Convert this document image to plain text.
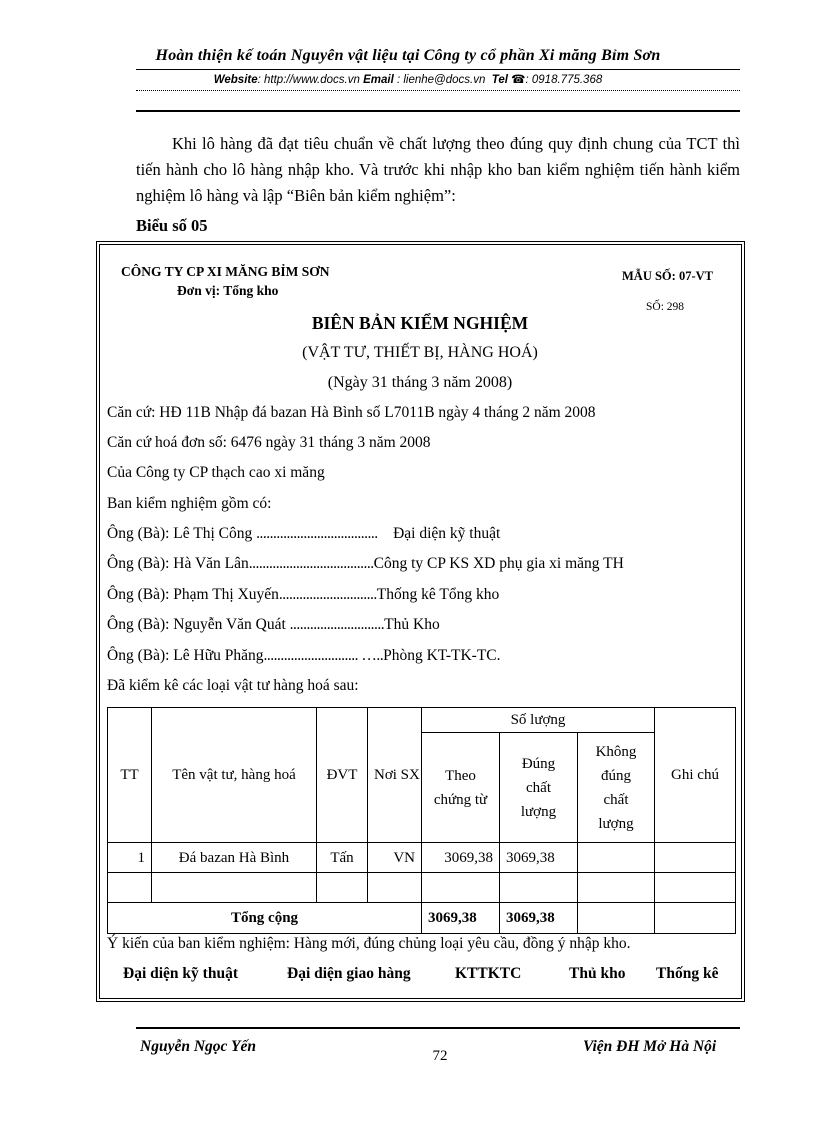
Hoàn thiện kế toán Nguyên vật liệu tại Công ty cổ phần Xi măng Bỉm Sơn
Website: http://www.docs.vn Email : lienhe@docs.vn Tel ☎: 0918.775.368
Khi lô hàng đã đạt tiêu chuẩn về chất lượng theo đúng quy định chung của TCT thì tiến hành cho lô hàng nhập kho. Và trước khi nhập kho ban kiểm nghiệm tiến hành kiểm nghiệm lô hàng và lập “Biên bản kiểm nghiệm”:
Biểu số 05
CÔNG TY CP XI MĂNG BỈM SƠN
Đơn vị: Tổng kho
MẪU SỐ: 07-VT
SỐ: 298
BIÊN BẢN KIỂM NGHIỆM
(VẬT TƯ, THIẾT BỊ, HÀNG HOÁ)
(Ngày 31 tháng 3 năm 2008)
Căn cứ: HĐ 11B Nhập đá bazan Hà Bình số L7011B ngày 4 tháng 2 năm 2008
Căn cứ hoá đơn số: 6476 ngày 31 tháng 3 năm 2008
Của Công ty CP thạch cao xi măng
Ban kiểm nghiệm gồm có:
Ông (Bà): Lê Thị Công .................................... Đại diện kỹ thuật
Ông (Bà): Hà Văn Lân.....................................Công ty CP KS XD phụ gia xi măng TH
Ông (Bà): Phạm Thị Xuyến.............................Thống kê Tổng kho
Ông (Bà): Nguyễn Văn Quát ............................Thủ Kho
Ông (Bà): Lê Hữu Phăng............................ …..Phòng KT-TK-TC.
Đã kiểm kê các loại vật tư hàng hoá sau:
TT	Tên vật tư, hàng hoá	ĐVT	Nơi SX	Số lượng			Ghi chú
				Theo chứng từ	Đúng chất lượng	Không đúng chất lượng	
1	Đá bazan Hà Bình	Tấn	VN	3069,38	3069,38		

Tổng cộng				3069,38	3069,38		
Ý kiến của ban kiểm nghiệm: Hàng mới, đúng chủng loại yêu cầu, đồng ý nhập kho.
Đại diện kỹ thuật	Đại diện giao hàng	KTTKTC	Thủ kho Thống kê
Nguyễn Ngọc Yến
72
Viện ĐH Mở Hà Nội
